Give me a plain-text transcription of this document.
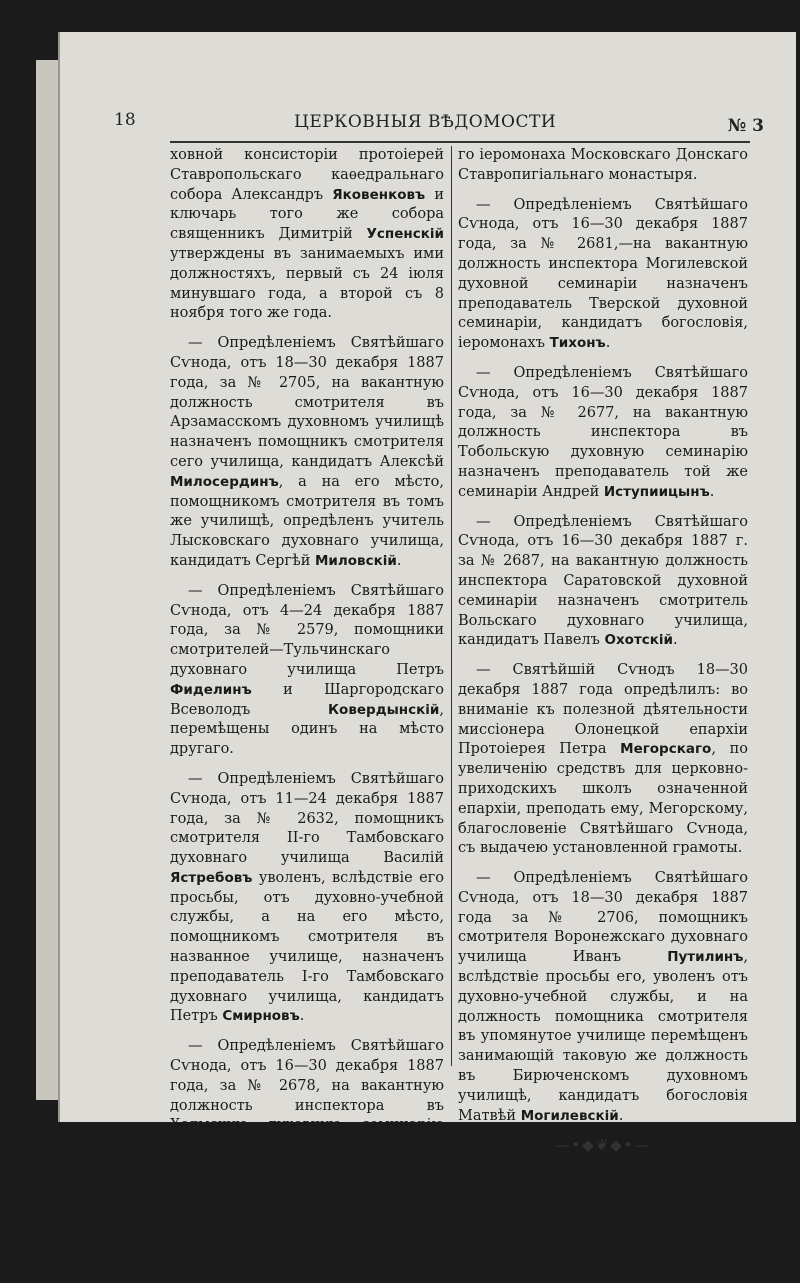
18	ЦЕРКОВНЫЯ ВѢДОМОСТИ	№ 3

ховной консисторіи протоіерей Ставропольскаго каѳедральнаго собора Александръ Яковенковъ и ключарь того же собора священникъ Димитрій Успенскій утверждены въ занимаемыхъ ими должностяхъ, первый съ 24 іюля минувшаго года, а второй съ 8 ноября того же года.

— Опредѣленіемъ Святѣйшаго Сѵнода, отъ 18—30 декабря 1887 года, за № 2705, на вакантную должность смотрителя въ Арзамасскомъ духовномъ училищѣ назначенъ помощникъ смотрителя сего училища, кандидатъ Алексѣй Милосердинъ, а на его мѣсто, помощникомъ смотрителя въ томъ же училищѣ, опредѣленъ учитель Лысковскаго духовнаго училища, кандидатъ Сергѣй Миловскій.

— Опредѣленіемъ Святѣйшаго Сѵнода, отъ 4—24 декабря 1887 года, за № 2579, помощники смотрителей—Тульчинскаго духовнаго училища Петръ Фиделинъ и Шаргородскаго Всеволодъ Ковердынскій, перемѣщены одинъ на мѣсто другаго.

— Опредѣленіемъ Святѣйшаго Сѵнода, отъ 11—24 декабря 1887 года, за № 2632, помощникъ смотрителя II-го Тамбовскаго духовнаго училища Василій Ястребовъ уволенъ, вслѣдствіе его просьбы, отъ духовно-учебной службы, а на его мѣсто, помощникомъ смотрителя въ названное училище, назначенъ преподаватель I-го Тамбовскаго духовнаго училища, кандидатъ Петръ Смирновъ.

— Опредѣленіемъ Святѣйшаго Сѵнода, отъ 16—30 декабря 1887 года, за № 2678, на вакантную должность инспектора въ Холмскую духовную семинарію назначенъ смотритель Холмскаго духовнаго училища, кандидатъ іеромонахъ Серафимъ, съ возведеніемъ его, во вниманіе къ отлично-усердной и полезной службѣ его, въ званіе соборна-

го іеромонаха Московскаго Донскаго Ставропигіальнаго монастыря.

— Опредѣленіемъ Святѣйшаго Сѵнода, отъ 16—30 декабря 1887 года, за № 2681,—на вакантную должность инспектора Могилевской духовной семинаріи назначенъ преподаватель Тверской духовной семинаріи, кандидатъ богословія, іеромонахъ Тихонъ.

— Опредѣленіемъ Святѣйшаго Сѵнода, отъ 16—30 декабря 1887 года, за № 2677, на вакантную должность инспектора въ Тобольскую духовную семинарію назначенъ преподаватель той же семинаріи Андрей Иступиицынъ.

— Опредѣленіемъ Святѣйшаго Сѵнода, отъ 16—30 декабря 1887 г. за № 2687, на вакантную должность инспектора Саратовской духовной семинаріи назначенъ смотритель Вольскаго духовнаго училища, кандидатъ Павелъ Охотскій.

— Святѣйшій Сѵнодъ 18—30 декабря 1887 года опредѣлилъ: во вниманіе къ полезной дѣятельности миссіонера Олонецкой епархіи Протоіерея Петра Мегорскаго, по увеличенію средствъ для церковно-приходскихъ школъ означенной епархіи, преподать ему, Мегорскому, благословеніе Святѣйшаго Сѵнода, съ выдачею установленной грамоты.

— Опредѣленіемъ Святѣйшаго Сѵнода, отъ 18—30 декабря 1887 года за № 2706, помощникъ смотрителя Воронежскаго духовнаго училища Иванъ Путилинъ, вслѣдствіе просьбы его, уволенъ отъ духовно-учебной службы, и на должность помощника смотрителя въ упомянутое училище перемѣщенъ занимающій таковую же должность въ Бирюченскомъ духовномъ училищѣ, кандидатъ богословія Матвѣй Могилевскій.

—•◆❦◆•—

Приказомъ Оберъ Прокурора Святѣйшаго Сѵнода, отъ 30 декабря 1887 г., № 23, переводится: преподаватель научныхъ предметовъ въ С.-Петербургской кон-
